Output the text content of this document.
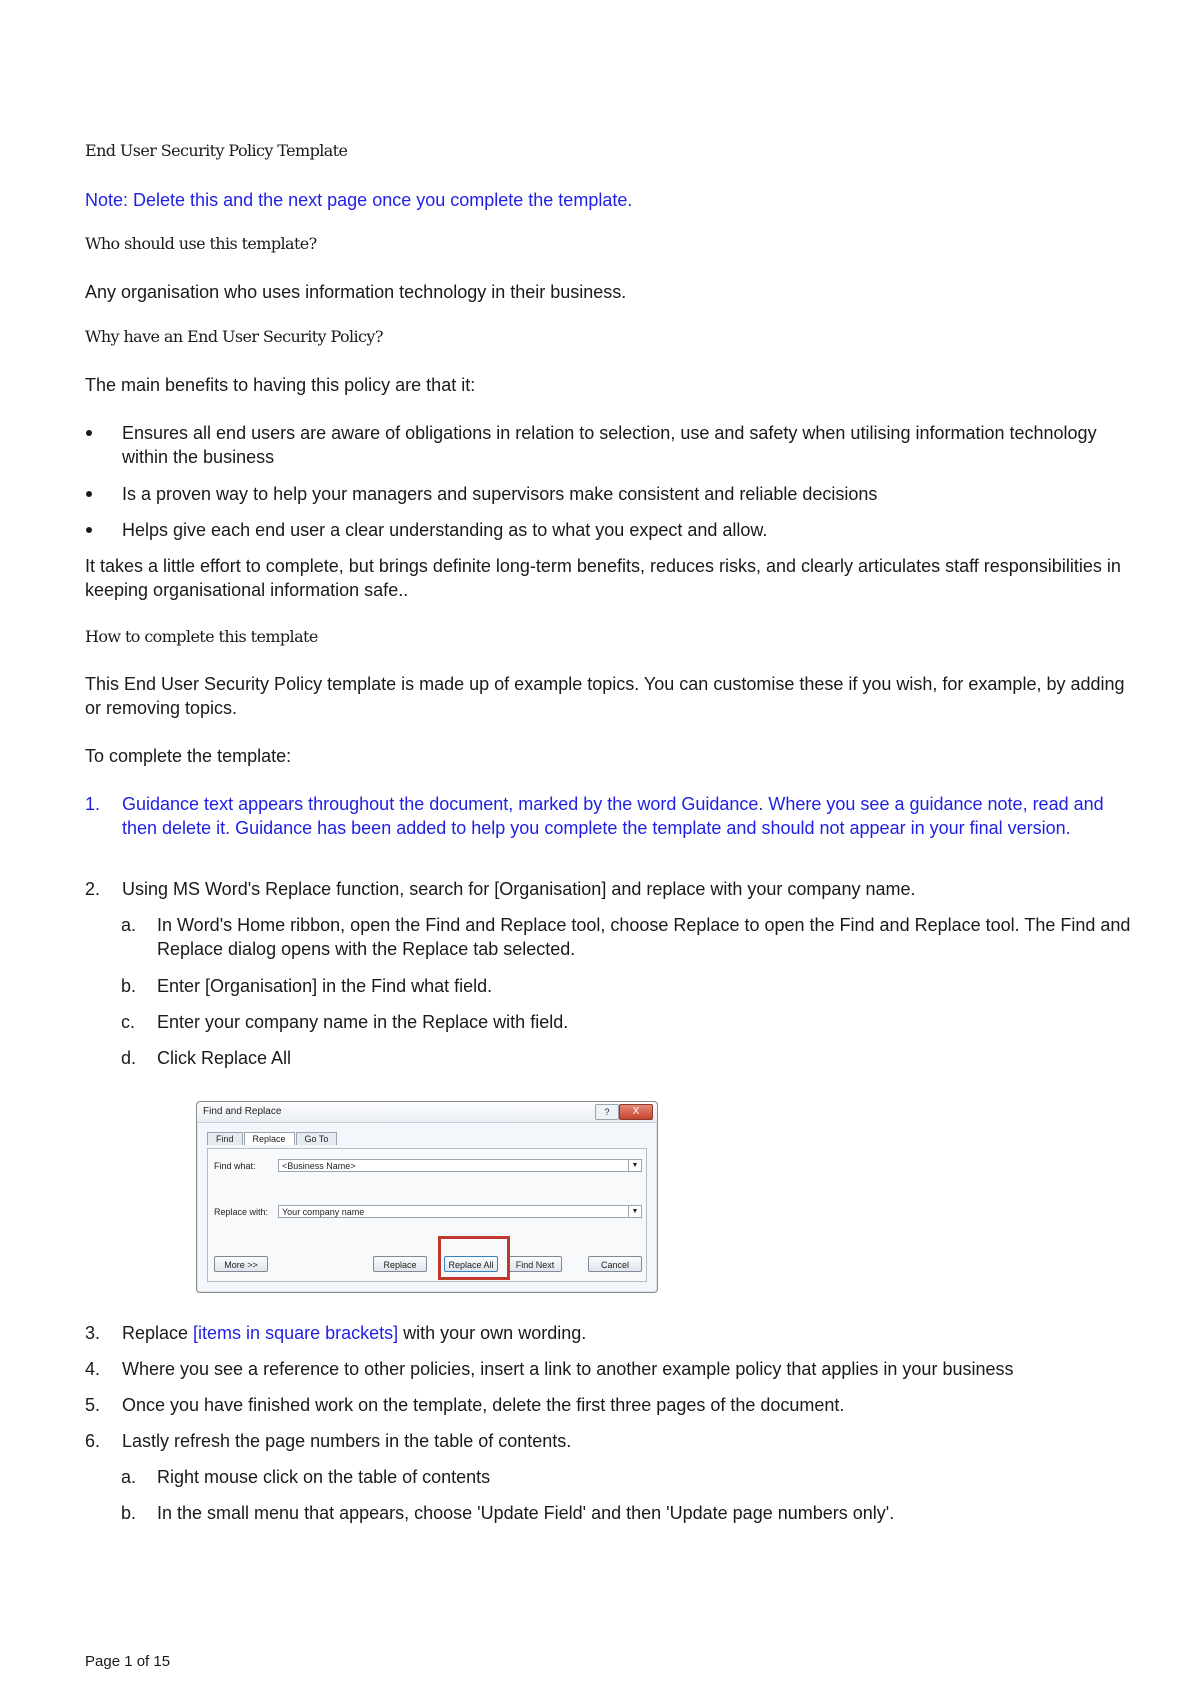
End User Security Policy Template
Note: Delete this and the next page once you complete the template.
Who should use this template?
Any organisation who uses information technology in their business.
Why have an End User Security Policy?
The main benefits to having this policy are that it:
Ensures all end users are aware of obligations in relation to selection, use and safety when utilising information technology within the business
Is a proven way to help your managers and supervisors make consistent and reliable decisions
Helps give each end user a clear understanding as to what you expect and allow.
It takes a little effort to complete, but brings definite long-term benefits, reduces risks, and clearly articulates staff responsibilities in keeping organisational information safe..
How to complete this template
This End User Security Policy template is made up of example topics. You can customise these if you wish, for example, by adding or removing topics.
To complete the template:
1. Guidance text appears throughout the document, marked by the word Guidance. Where you see a guidance note, read and then delete it. Guidance has been added to help you complete the template and should not appear in your final version.
2. Using MS Word's Replace function, search for [Organisation] and replace with your company name.
a. In Word's Home ribbon, open the Find and Replace tool, choose Replace to open the Find and Replace tool. The Find and Replace dialog opens with the Replace tab selected.
b. Enter [Organisation] in the Find what field.
c. Enter your company name in the Replace with field.
d. Click Replace All
Find and Replace	?	X
Find Replace Go To
Find what:	<Business Name>	▼
Replace with:	Your company name	▼
More >>	Replace	Replace All	Find Next	Cancel
3. Replace [items in square brackets] with your own wording.
4. Where you see a reference to other policies, insert a link to another example policy that applies in your business
5. Once you have finished work on the template, delete the first three pages of the document.
6. Lastly refresh the page numbers in the table of contents.
a. Right mouse click on the table of contents
b. In the small menu that appears, choose 'Update Field' and then 'Update page numbers only'.
Page 1 of 15
